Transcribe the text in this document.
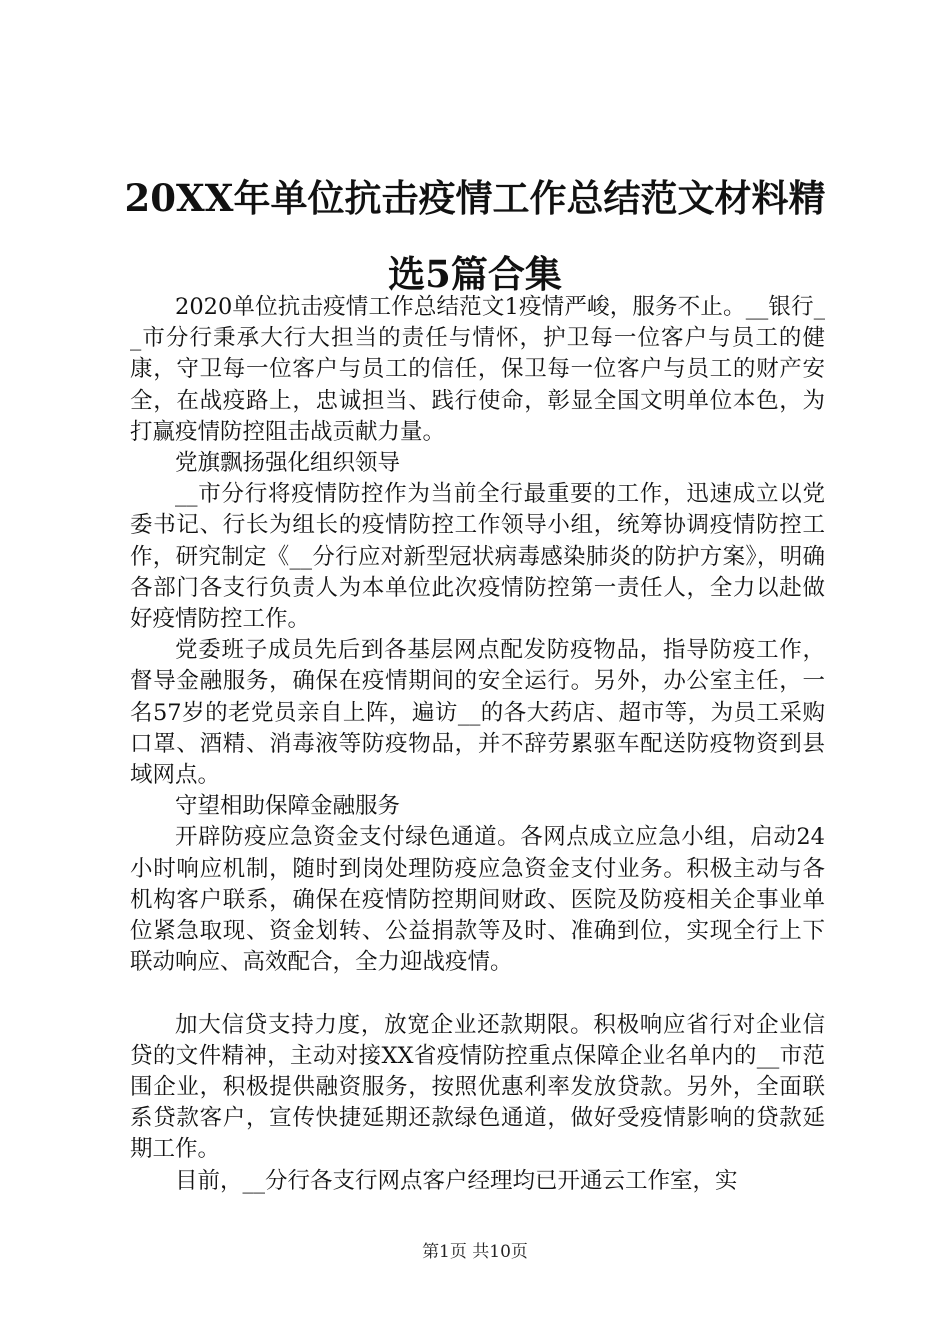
20XX年单位抗击疫情工作总结范文材料精选5篇合集

2020单位抗击疫情工作总结范文1疫情严峻，服务不止。__银行__市分行秉承大行大担当的责任与情怀，护卫每一位客户与员工的健康，守卫每一位客户与员工的信任，保卫每一位客户与员工的财产安全，在战疫路上，忠诚担当、践行使命，彰显全国文明单位本色，为打赢疫情防控阻击战贡献力量。

党旗飘扬强化组织领导

__市分行将疫情防控作为当前全行最重要的工作，迅速成立以党委书记、行长为组长的疫情防控工作领导小组，统筹协调疫情防控工作，研究制定《__分行应对新型冠状病毒感染肺炎的防护方案》，明确各部门各支行负责人为本单位此次疫情防控第一责任人，全力以赴做好疫情防控工作。

党委班子成员先后到各基层网点配发防疫物品，指导防疫工作，督导金融服务，确保在疫情期间的安全运行。另外，办公室主任，一名57岁的老党员亲自上阵，遍访__的各大药店、超市等，为员工采购口罩、酒精、消毒液等防疫物品，并不辞劳累驱车配送防疫物资到县域网点。

守望相助保障金融服务

开辟防疫应急资金支付绿色通道。各网点成立应急小组，启动24小时响应机制，随时到岗处理防疫应急资金支付业务。积极主动与各机构客户联系，确保在疫情防控期间财政、医院及防疫相关企事业单位紧急取现、资金划转、公益捐款等及时、准确到位，实现全行上下联动响应、高效配合，全力迎战疫情。

加大信贷支持力度，放宽企业还款期限。积极响应省行对企业信贷的文件精神，主动对接XX省疫情防控重点保障企业名单内的__市范围企业，积极提供融资服务，按照优惠利率发放贷款。另外，全面联系贷款客户，宣传快捷延期还款绿色通道，做好受疫情影响的贷款延期工作。

目前，__分行各支行网点客户经理均已开通云工作室，实

第1页 共10页
